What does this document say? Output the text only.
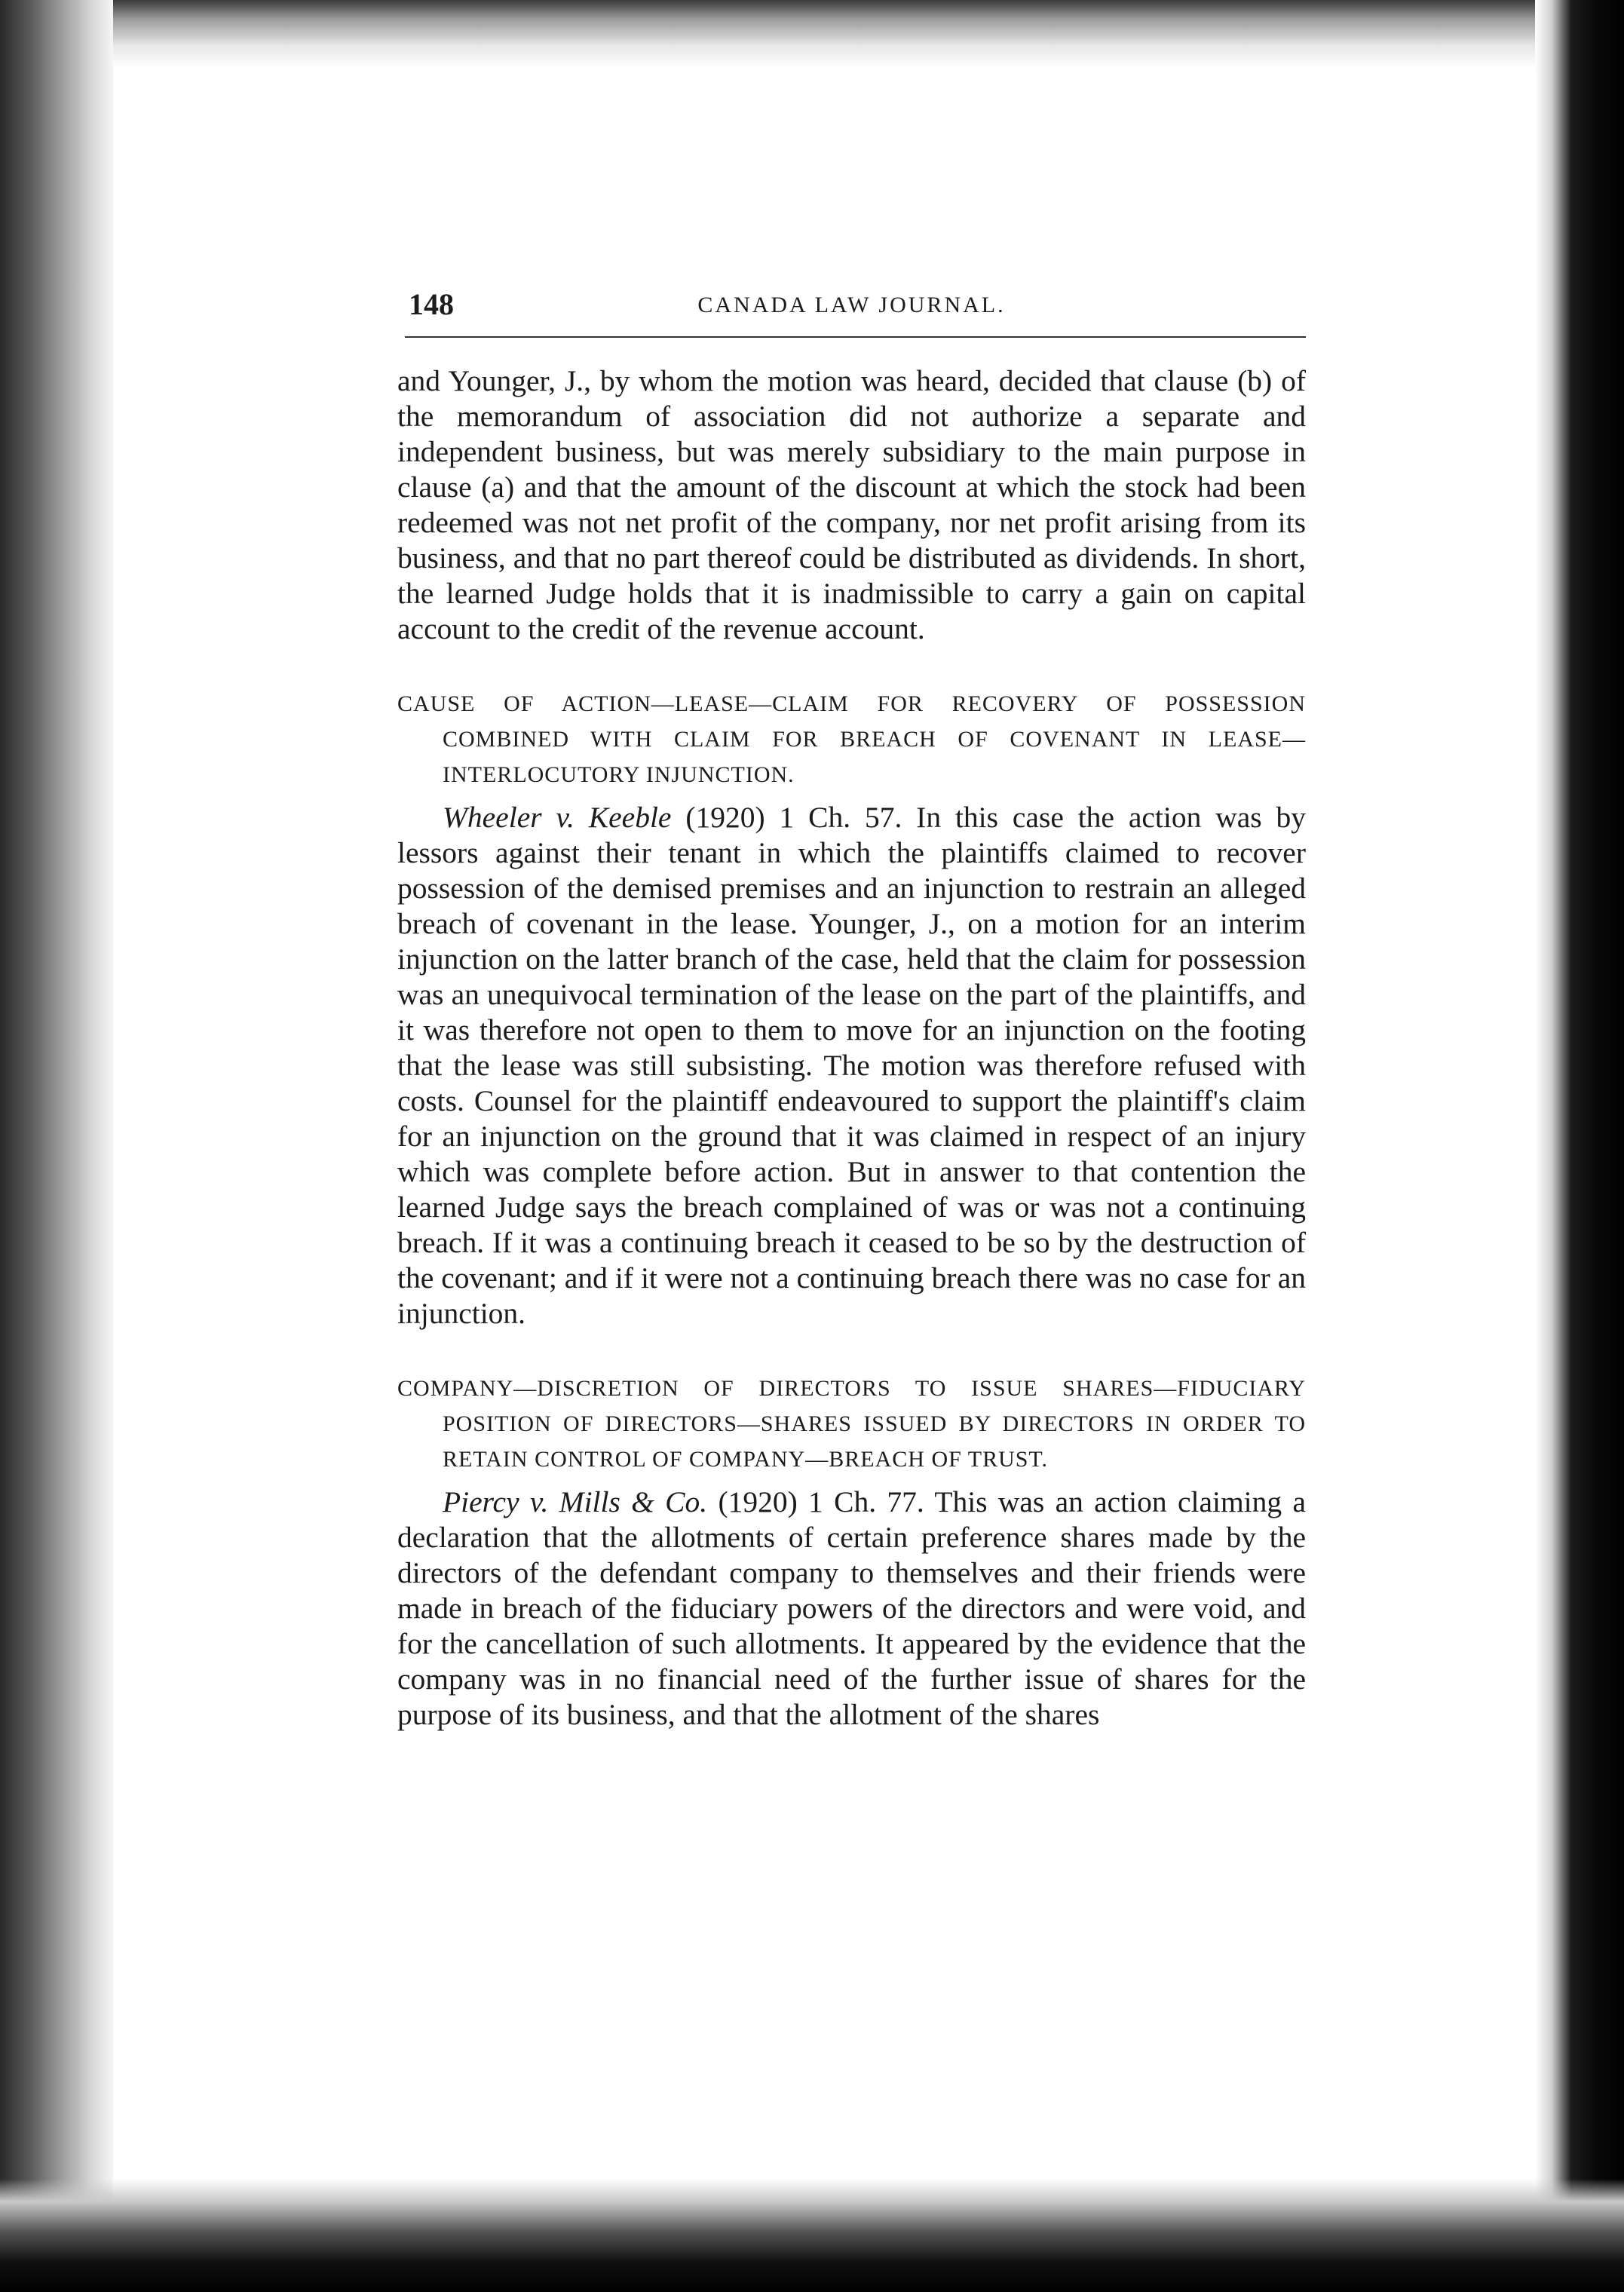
148	CANADA LAW JOURNAL.

and Younger, J., by whom the motion was heard, decided that clause (b) of the memorandum of association did not authorize a separate and independent business, but was merely subsidiary to the main purpose in clause (a) and that the amount of the discount at which the stock had been redeemed was not net profit of the company, nor net profit arising from its business, and that no part thereof could be distributed as dividends. In short, the learned Judge holds that it is inadmissible to carry a gain on capital account to the credit of the revenue account.

CAUSE OF ACTION—LEASE—CLAIM FOR RECOVERY OF POSSESSION COMBINED WITH CLAIM FOR BREACH OF COVENANT IN LEASE—INTERLOCUTORY INJUNCTION.

Wheeler v. Keeble (1920) 1 Ch. 57. In this case the action was by lessors against their tenant in which the plaintiffs claimed to recover possession of the demised premises and an injunction to restrain an alleged breach of covenant in the lease. Younger, J., on a motion for an interim injunction on the latter branch of the case, held that the claim for possession was an unequivocal termination of the lease on the part of the plaintiffs, and it was therefore not open to them to move for an injunction on the footing that the lease was still subsisting. The motion was therefore refused with costs. Counsel for the plaintiff endeavoured to support the plaintiff's claim for an injunction on the ground that it was claimed in respect of an injury which was complete before action. But in answer to that contention the learned Judge says the breach complained of was or was not a continuing breach. If it was a continuing breach it ceased to be so by the destruction of the covenant; and if it were not a continuing breach there was no case for an injunction.

COMPANY—DISCRETION OF DIRECTORS TO ISSUE SHARES—FIDUCIARY POSITION OF DIRECTORS—SHARES ISSUED BY DIRECTORS IN ORDER TO RETAIN CONTROL OF COMPANY—BREACH OF TRUST.

Piercy v. Mills & Co. (1920) 1 Ch. 77. This was an action claiming a declaration that the allotments of certain preference shares made by the directors of the defendant company to themselves and their friends were made in breach of the fiduciary powers of the directors and were void, and for the cancellation of such allotments. It appeared by the evidence that the company was in no financial need of the further issue of shares for the purpose of its business, and that the allotment of the shares
